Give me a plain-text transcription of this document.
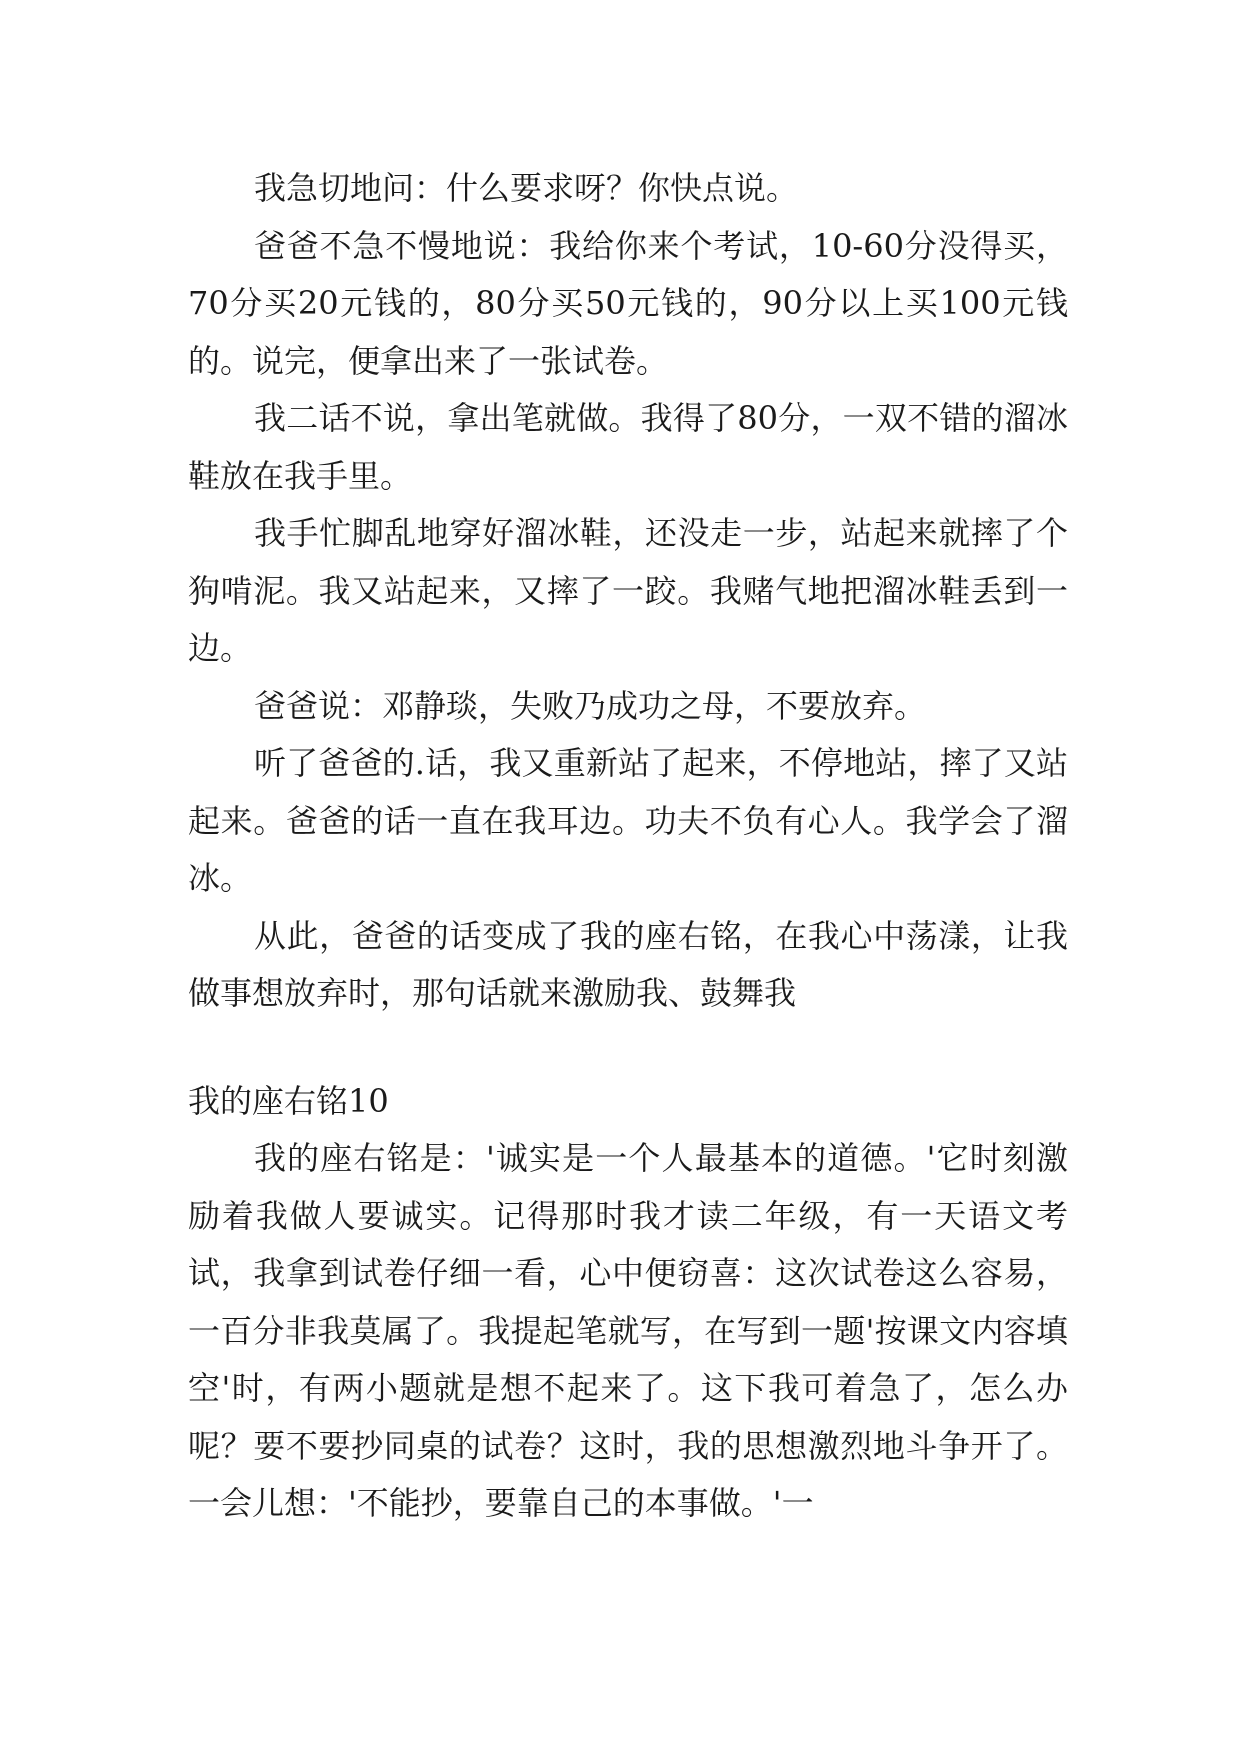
我急切地问：什么要求呀？你快点说。

爸爸不急不慢地说：我给你来个考试，10-60分没得买，70分买20元钱的，80分买50元钱的，90分以上买100元钱的。说完，便拿出来了一张试卷。

我二话不说，拿出笔就做。我得了80分，一双不错的溜冰鞋放在我手里。

我手忙脚乱地穿好溜冰鞋，还没走一步，站起来就摔了个狗啃泥。我又站起来，又摔了一跤。我赌气地把溜冰鞋丢到一边。

爸爸说：邓静琰，失败乃成功之母，不要放弃。

听了爸爸的.话，我又重新站了起来，不停地站，摔了又站起来。爸爸的话一直在我耳边。功夫不负有心人。我学会了溜冰。

从此，爸爸的话变成了我的座右铭，在我心中荡漾，让我做事想放弃时，那句话就来激励我、鼓舞我

我的座右铭10

我的座右铭是：'诚实是一个人最基本的道德。'它时刻激励着我做人要诚实。记得那时我才读二年级，有一天语文考试，我拿到试卷仔细一看，心中便窃喜：这次试卷这么容易，一百分非我莫属了。我提起笔就写，在写到一题'按课文内容填空'时，有两小题就是想不起来了。这下我可着急了，怎么办呢？要不要抄同桌的试卷？这时，我的思想激烈地斗争开了。一会儿想：'不能抄，要靠自己的本事做。'一
